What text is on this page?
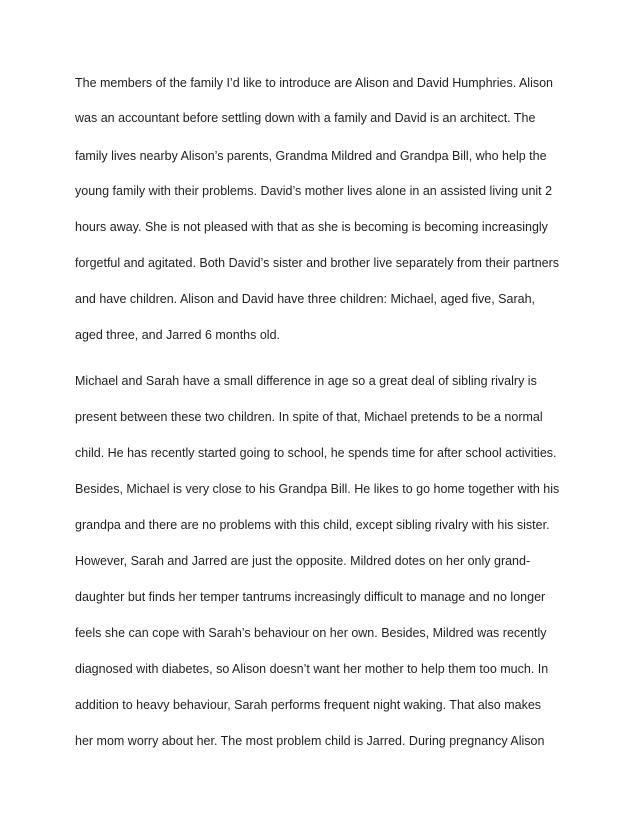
The members of the family I’d like to introduce are Alison and David Humphries. Alison

was an accountant before settling down with a family and David is an architect. The

family lives nearby Alison’s parents, Grandma Mildred and Grandpa Bill, who help the

young family with their problems. David’s mother lives alone in an assisted living unit 2

hours away. She is not pleased with that as she is becoming is becoming increasingly

forgetful and agitated. Both David’s sister and brother live separately from their partners

and have children. Alison and David have three children: Michael, aged five, Sarah,

aged three, and Jarred 6 months old.

Michael and Sarah have a small difference in age so a great deal of sibling rivalry is

present between these two children. In spite of that, Michael pretends to be a normal

child. He has recently started going to school, he spends time for after school activities.

Besides, Michael is very close to his Grandpa Bill. He likes to go home together with his

grandpa and there are no problems with this child, except sibling rivalry with his sister.

However, Sarah and Jarred are just the opposite. Mildred dotes on her only grand-

daughter but finds her temper tantrums increasingly difficult to manage and no longer

feels she can cope with Sarah’s behaviour on her own. Besides, Mildred was recently

diagnosed with diabetes, so Alison doesn’t want her mother to help them too much. In

addition to heavy behaviour, Sarah performs frequent night waking. That also makes

her mom worry about her. The most problem child is Jarred. During pregnancy Alison
